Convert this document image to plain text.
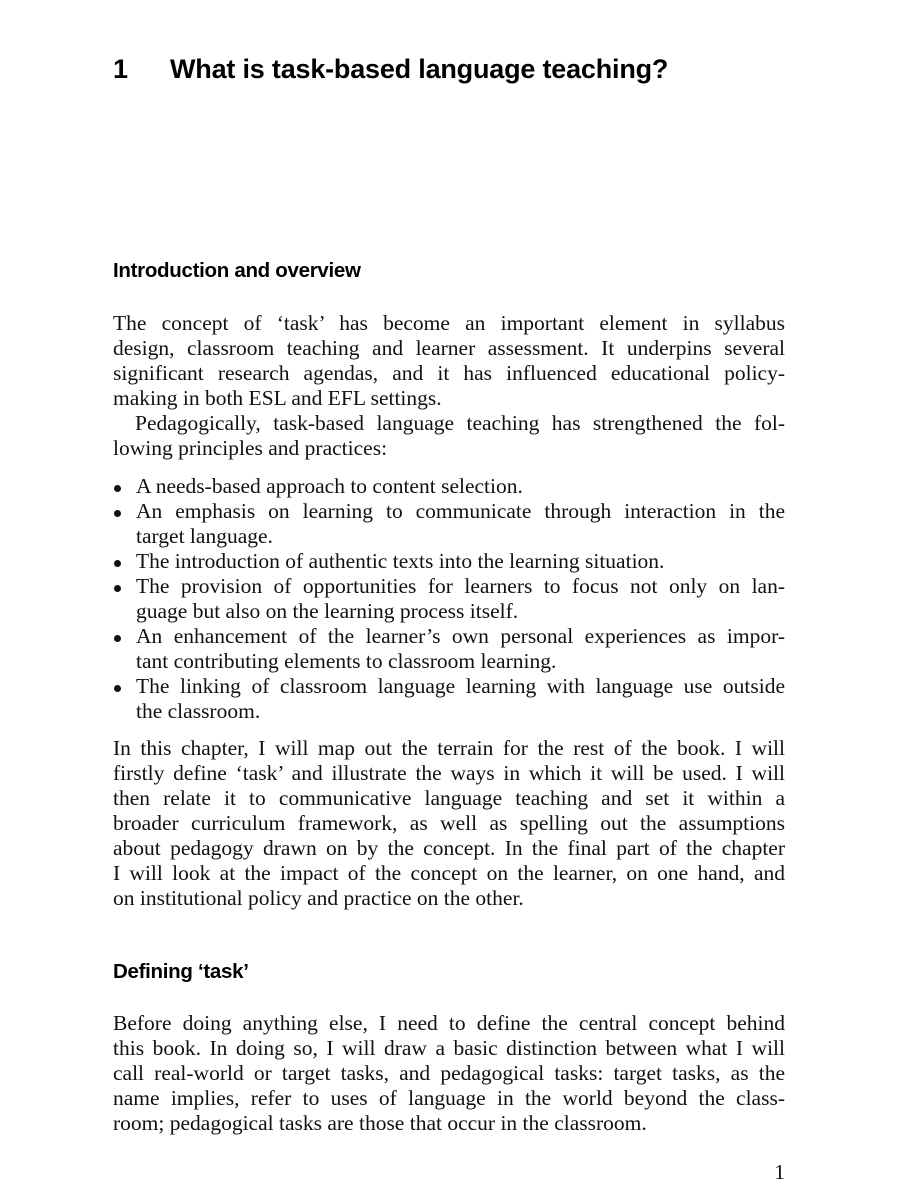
1 What is task-based language teaching?
Introduction and overview
The concept of ‘task’ has become an important element in syllabus
design, classroom teaching and learner assessment. It underpins several
significant research agendas, and it has influenced educational policy-
making in both ESL and EFL settings.
Pedagogically, task-based language teaching has strengthened the fol-
lowing principles and practices:
A needs-based approach to content selection.
An emphasis on learning to communicate through interaction in the
target language.
The introduction of authentic texts into the learning situation.
The provision of opportunities for learners to focus not only on lan-
guage but also on the learning process itself.
An enhancement of the learner’s own personal experiences as impor-
tant contributing elements to classroom learning.
The linking of classroom language learning with language use outside
the classroom.
In this chapter, I will map out the terrain for the rest of the book. I will
firstly define ‘task’ and illustrate the ways in which it will be used. I will
then relate it to communicative language teaching and set it within a
broader curriculum framework, as well as spelling out the assumptions
about pedagogy drawn on by the concept. In the final part of the chapter
I will look at the impact of the concept on the learner, on one hand, and
on institutional policy and practice on the other.
Defining ‘task’
Before doing anything else, I need to define the central concept behind
this book. In doing so, I will draw a basic distinction between what I will
call real-world or target tasks, and pedagogical tasks: target tasks, as the
name implies, refer to uses of language in the world beyond the class-
room; pedagogical tasks are those that occur in the classroom.
1
